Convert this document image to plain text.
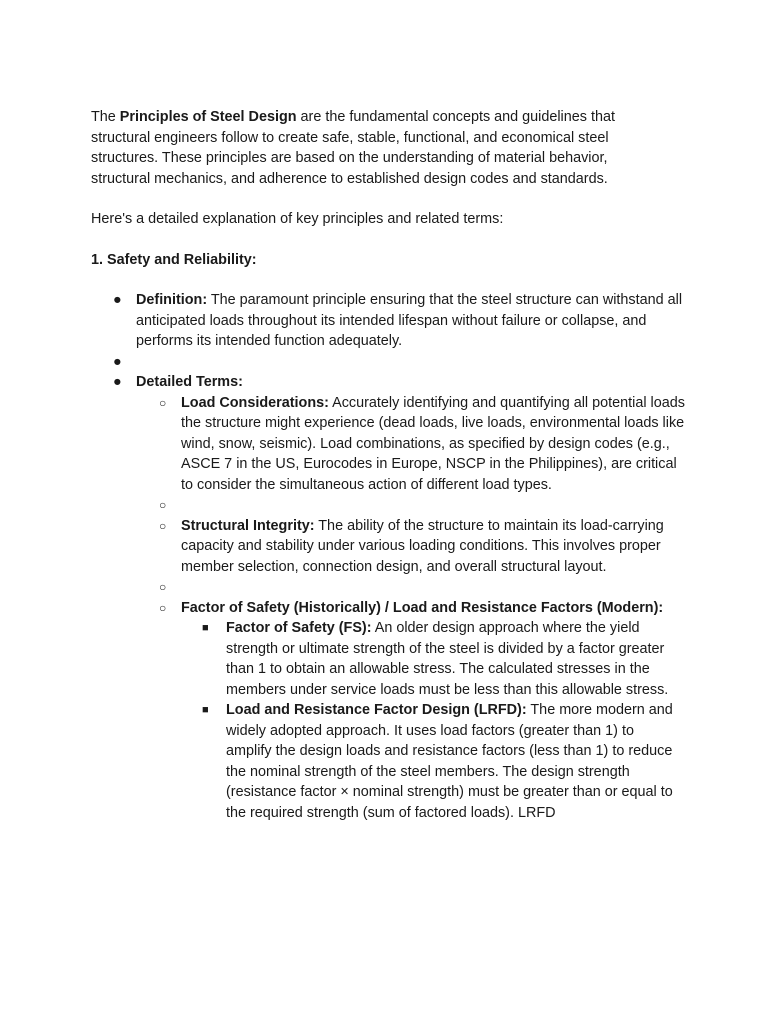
The Principles of Steel Design are the fundamental concepts and guidelines that structural engineers follow to create safe, stable, functional, and economical steel structures. These principles are based on the understanding of material behavior, structural mechanics, and adherence to established design codes and standards.

Here's a detailed explanation of key principles and related terms:

1. Safety and Reliability:

● Definition: The paramount principle ensuring that the steel structure can withstand all anticipated loads throughout its intended lifespan without failure or collapse, and performs its intended function adequately.
●
● Detailed Terms:
○ Load Considerations: Accurately identifying and quantifying all potential loads the structure might experience (dead loads, live loads, environmental loads like wind, snow, seismic). Load combinations, as specified by design codes (e.g., ASCE 7 in the US, Eurocodes in Europe, NSCP in the Philippines), are critical to consider the simultaneous action of different load types.
○
○ Structural Integrity: The ability of the structure to maintain its load-carrying capacity and stability under various loading conditions. This involves proper member selection, connection design, and overall structural layout.
○
○ Factor of Safety (Historically) / Load and Resistance Factors (Modern):
■ Factor of Safety (FS): An older design approach where the yield strength or ultimate strength of the steel is divided by a factor greater than 1 to obtain an allowable stress. The calculated stresses in the members under service loads must be less than this allowable stress.
■ Load and Resistance Factor Design (LRFD): The more modern and widely adopted approach. It uses load factors (greater than 1) to amplify the design loads and resistance factors (less than 1) to reduce the nominal strength of the steel members. The design strength (resistance factor × nominal strength) must be greater than or equal to the required strength (sum of factored loads). LRFD
